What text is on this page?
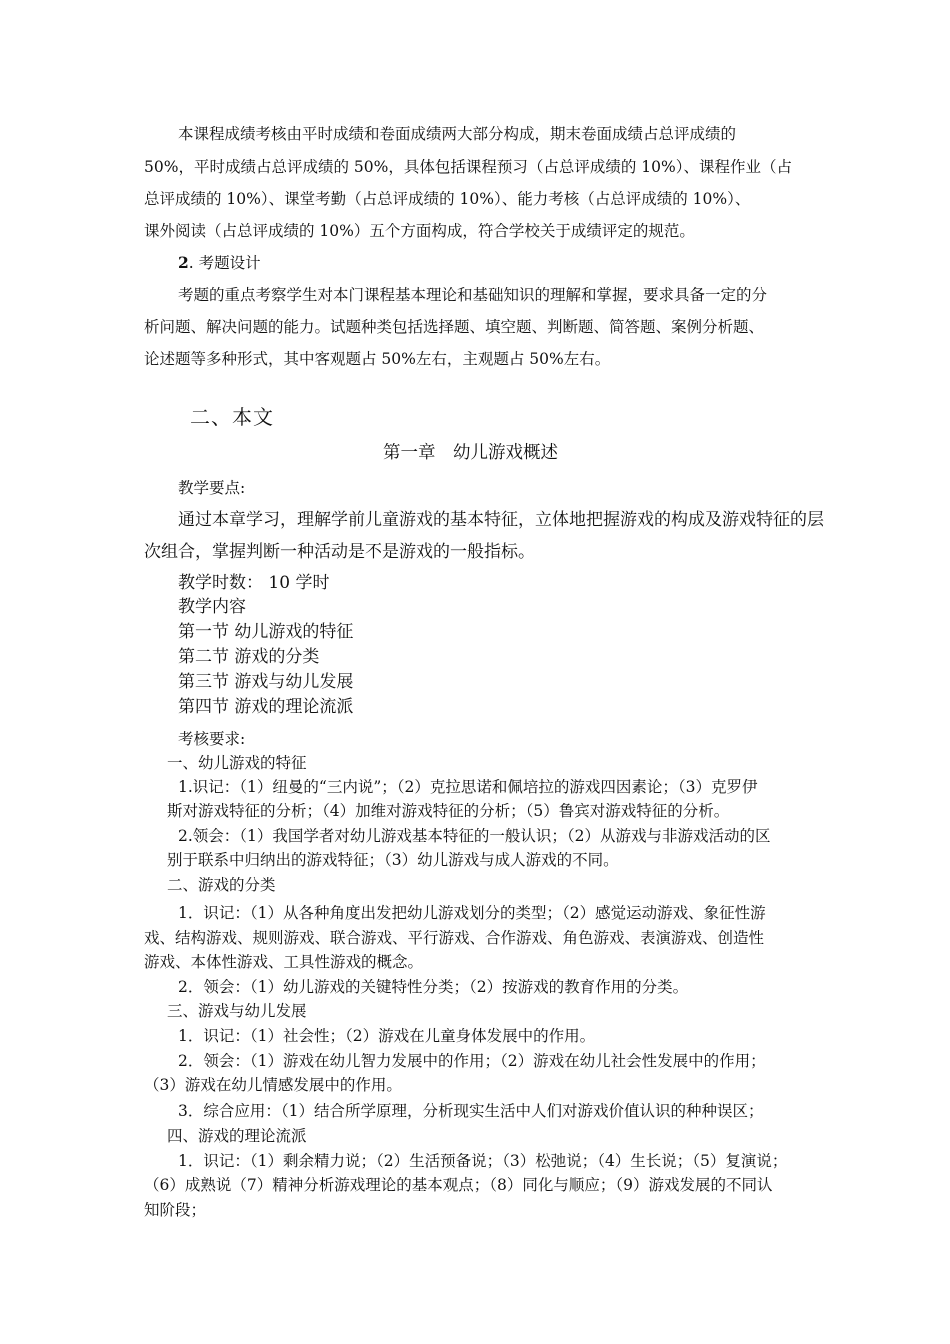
本课程成绩考核由平时成绩和卷面成绩两大部分构成，期末卷面成绩占总评成绩的
50%，平时成绩占总评成绩的 50%，具体包括课程预习（占总评成绩的 10%）、课程作业（占
总评成绩的 10%）、课堂考勤（占总评成绩的 10%）、能力考核（占总评成绩的 10%）、
课外阅读（占总评成绩的 10%）五个方面构成，符合学校关于成绩评定的规范。
2. 考题设计
考题的重点考察学生对本门课程基本理论和基础知识的理解和掌握，要求具备一定的分
析问题、解决问题的能力。试题种类包括选择题、填空题、判断题、简答题、案例分析题、
论述题等多种形式，其中客观题占 50%左右，主观题占 50%左右。
二、本文
第一章　幼儿游戏概述
教学要点:
通过本章学习，理解学前儿童游戏的基本特征，立体地把握游戏的构成及游戏特征的层
次组合，掌握判断一种活动是不是游戏的一般指标。
教学时数： 10 学时
教学内容
第一节 幼儿游戏的特征
第二节 游戏的分类
第三节 游戏与幼儿发展
第四节 游戏的理论流派
考核要求:
一、幼儿游戏的特征
1.识记：（1）纽曼的“三内说”；（2）克拉思诺和佩培拉的游戏四因素论；（3）克罗伊
斯对游戏特征的分析；（4）加维对游戏特征的分析；（5）鲁宾对游戏特征的分析。
2.领会：（1）我国学者对幼儿游戏基本特征的一般认识；（2）从游戏与非游戏活动的区
别于联系中归纳出的游戏特征；（3）幼儿游戏与成人游戏的不同。
二、游戏的分类
1．识记：（1）从各种角度出发把幼儿游戏划分的类型；（2）感觉运动游戏、象征性游
戏、结构游戏、规则游戏、联合游戏、平行游戏、合作游戏、角色游戏、表演游戏、创造性
游戏、本体性游戏、工具性游戏的概念。
2．领会：（1）幼儿游戏的关键特性分类；（2）按游戏的教育作用的分类。
三、游戏与幼儿发展
1．识记：（1）社会性；（2）游戏在儿童身体发展中的作用。
2．领会：（1）游戏在幼儿智力发展中的作用；（2）游戏在幼儿社会性发展中的作用；
（3）游戏在幼儿情感发展中的作用。
3．综合应用：（1）结合所学原理，分析现实生活中人们对游戏价值认识的种种误区；
四、游戏的理论流派
1．识记：（1）剩余精力说；（2）生活预备说；（3）松弛说；（4）生长说；（5）复演说；
（6）成熟说（7）精神分析游戏理论的基本观点；（8）同化与顺应；（9）游戏发展的不同认
知阶段；
